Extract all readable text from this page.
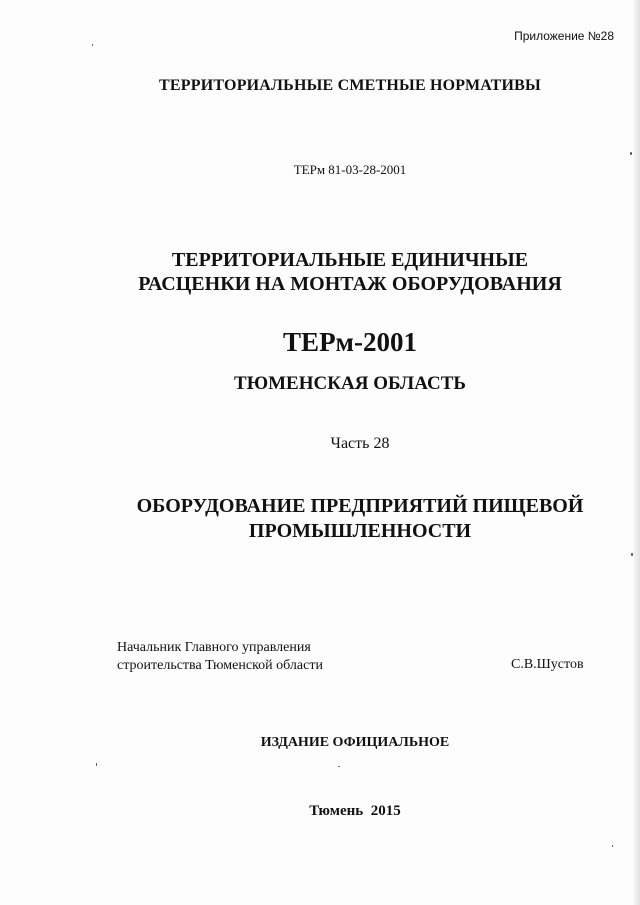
Приложение №28
ТЕРРИТОРИАЛЬНЫЕ СМЕТНЫЕ НОРМАТИВЫ
ТЕРм 81-03-28-2001
ТЕРРИТОРИАЛЬНЫЕ ЕДИНИЧНЫЕ
РАСЦЕНКИ НА МОНТАЖ ОБОРУДОВАНИЯ
ТЕРм-2001
ТЮМЕНСКАЯ ОБЛАСТЬ
Часть 28
ОБОРУДОВАНИЕ ПРЕДПРИЯТИЙ ПИЩЕВОЙ
ПРОМЫШЛЕННОСТИ
Начальник Главного управления
строительства Тюменской области	С.В.Шустов
ИЗДАНИЕ ОФИЦИАЛЬНОЕ
Тюмень 2015
